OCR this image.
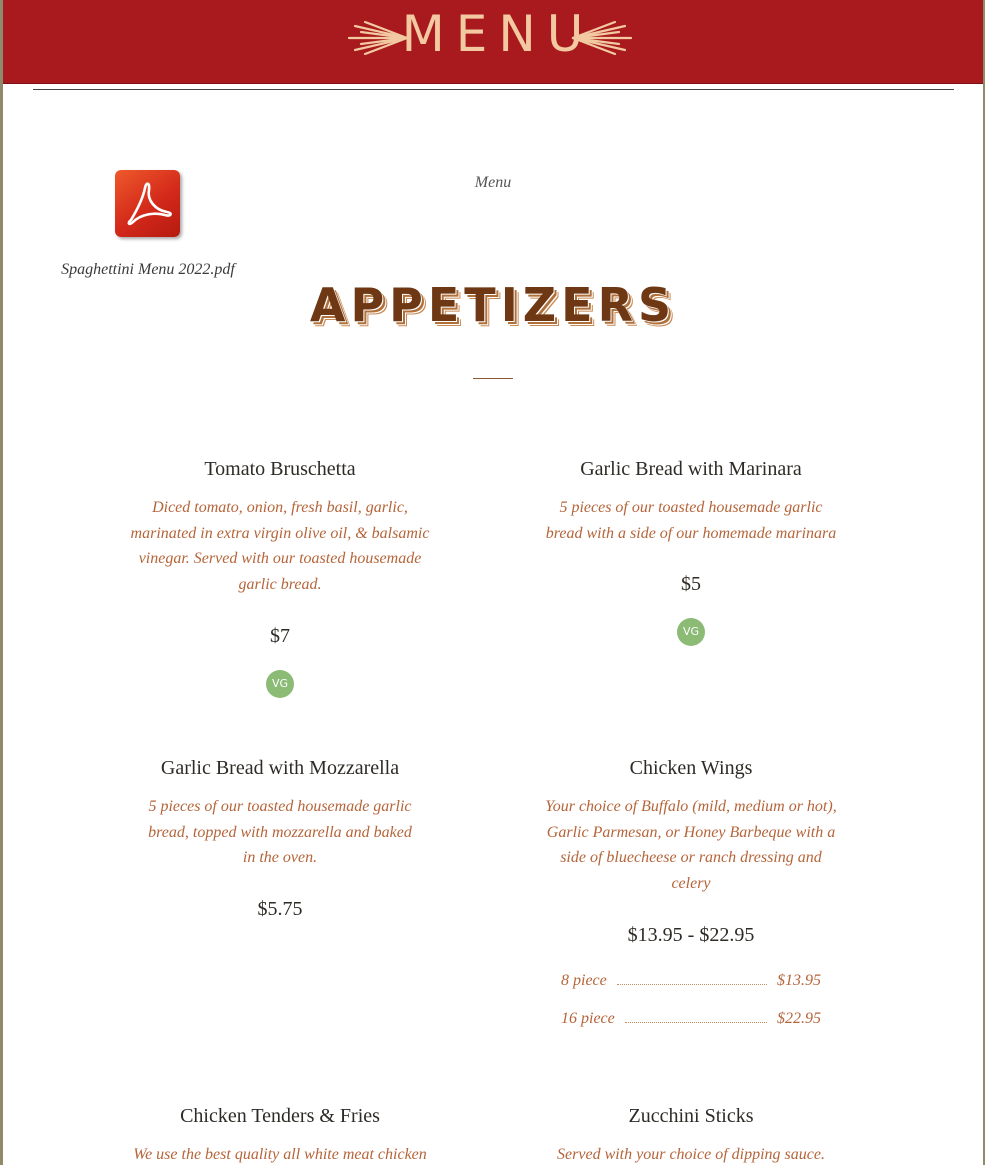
MENU
Spaghettini Menu 2022.pdf
Menu
APPETIZERS
Tomato Bruschetta
Diced tomato, onion, fresh basil, garlic, marinated in extra virgin olive oil, & balsamic vinegar. Served with our toasted housemade garlic bread.
$7
VG
Garlic Bread with Marinara
5 pieces of our toasted housemade garlic bread with a side of our homemade marinara
$5
VG
Garlic Bread with Mozzarella
5 pieces of our toasted housemade garlic bread, topped with mozzarella and baked in the oven.
$5.75
Chicken Wings
Your choice of Buffalo (mild, medium or hot), Garlic Parmesan, or Honey Barbeque with a side of bluecheese or ranch dressing and celery
$13.95 - $22.95
8 piece	$13.95
16 piece	$22.95
Chicken Tenders & Fries
We use the best quality all white meat chicken
Zucchini Sticks
Served with your choice of dipping sauce.
